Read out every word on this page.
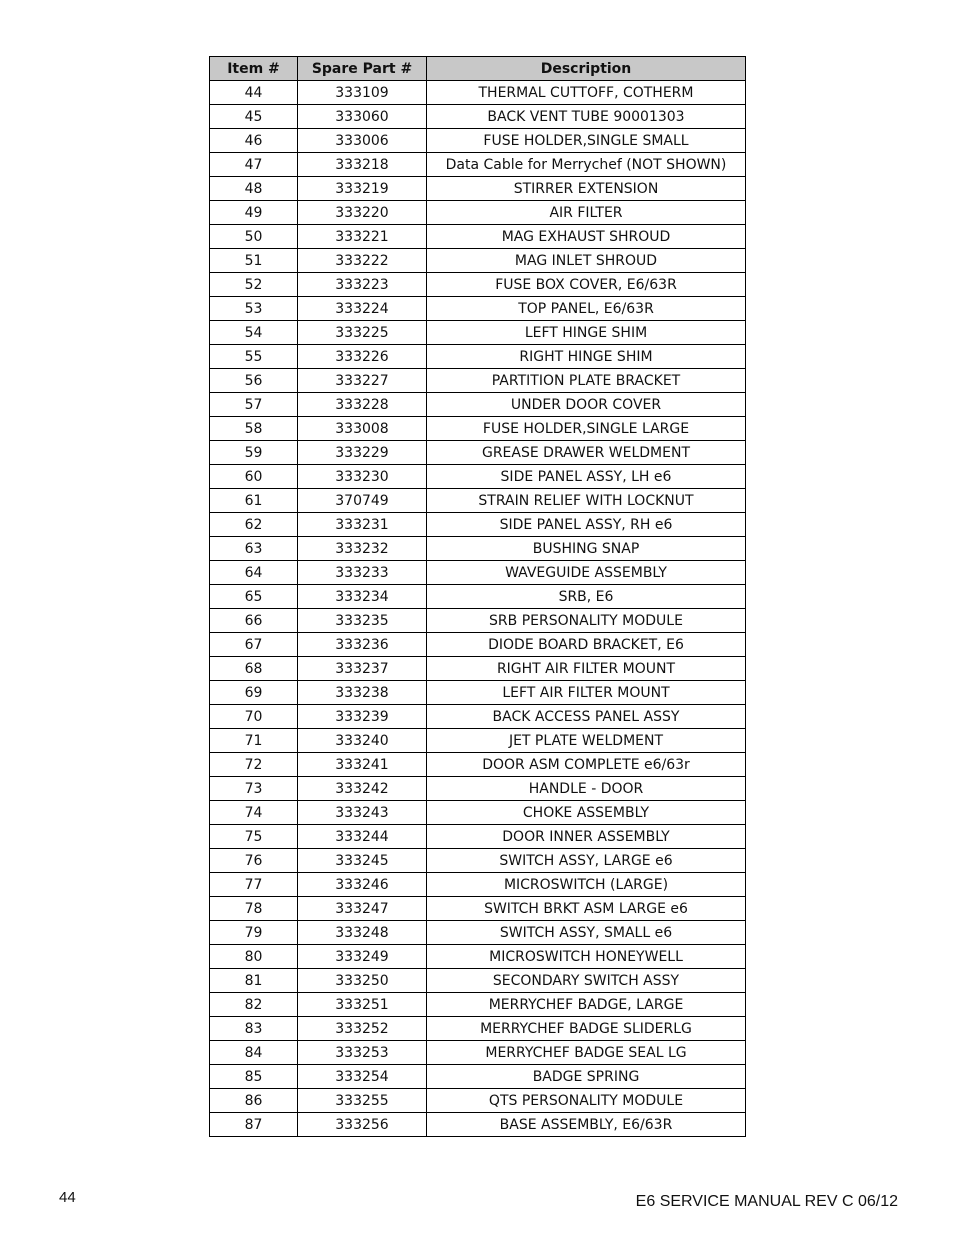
Item #	Spare Part #	Description
44	333109	THERMAL CUTTOFF, COTHERM
45	333060	BACK VENT TUBE 90001303
46	333006	FUSE HOLDER,SINGLE SMALL
47	333218	Data Cable for Merrychef (NOT SHOWN)
48	333219	STIRRER EXTENSION
49	333220	AIR FILTER
50	333221	MAG EXHAUST SHROUD
51	333222	MAG INLET SHROUD
52	333223	FUSE BOX COVER, E6/63R
53	333224	TOP PANEL, E6/63R
54	333225	LEFT HINGE SHIM
55	333226	RIGHT HINGE SHIM
56	333227	PARTITION PLATE BRACKET
57	333228	UNDER DOOR COVER
58	333008	FUSE HOLDER,SINGLE LARGE
59	333229	GREASE DRAWER WELDMENT
60	333230	SIDE PANEL ASSY, LH e6
61	370749	STRAIN RELIEF WITH LOCKNUT
62	333231	SIDE PANEL ASSY, RH e6
63	333232	BUSHING SNAP
64	333233	WAVEGUIDE ASSEMBLY
65	333234	SRB, E6
66	333235	SRB PERSONALITY MODULE
67	333236	DIODE BOARD BRACKET, E6
68	333237	RIGHT AIR FILTER MOUNT
69	333238	LEFT AIR FILTER MOUNT
70	333239	BACK ACCESS PANEL ASSY
71	333240	JET PLATE WELDMENT
72	333241	DOOR ASM COMPLETE e6/63r
73	333242	HANDLE - DOOR
74	333243	CHOKE ASSEMBLY
75	333244	DOOR INNER ASSEMBLY
76	333245	SWITCH ASSY, LARGE e6
77	333246	MICROSWITCH (LARGE)
78	333247	SWITCH BRKT ASM LARGE e6
79	333248	SWITCH ASSY, SMALL e6
80	333249	MICROSWITCH HONEYWELL
81	333250	SECONDARY SWITCH ASSY
82	333251	MERRYCHEF BADGE, LARGE
83	333252	MERRYCHEF BADGE SLIDERLG
84	333253	MERRYCHEF BADGE SEAL LG
85	333254	BADGE SPRING
86	333255	QTS PERSONALITY MODULE
87	333256	BASE ASSEMBLY, E6/63R
44	E6 SERVICE MANUAL REV C 06/12
